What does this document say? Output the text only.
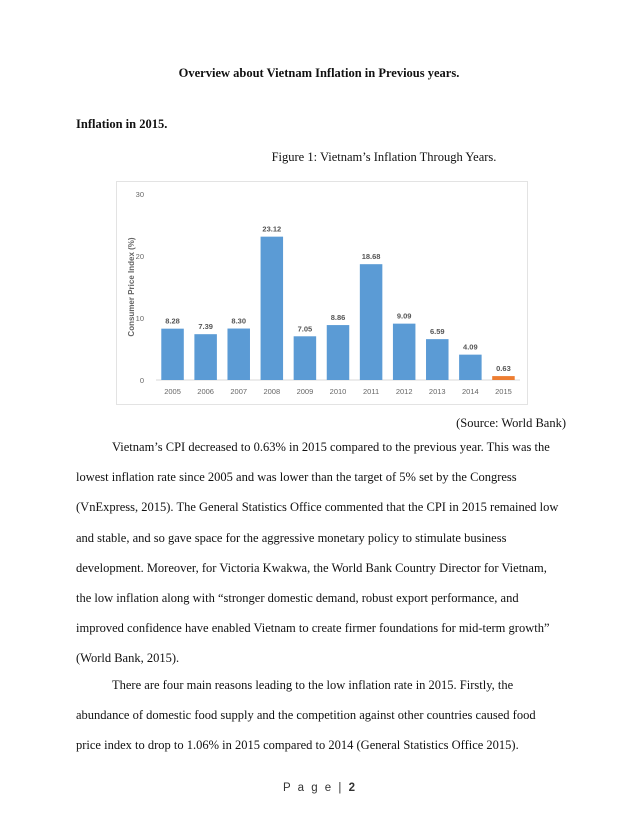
Overview about Vietnam Inflation in Previous years.
Inflation in 2015.
Figure 1: Vietnam’s Inflation Through Years.
0
10
20
30
Consumer Price Index (%)	8.28
2005
7.39
2006
8.30
2007
23.12
2008
7.05
2009
8.86
2010
18.68
2011
9.09
2012
6.59
2013
4.09
2014
0.63
2015
(Source: World Bank)
Vietnam’s CPI decreased to 0.63% in 2015 compared to the previous year. This was the
lowest inflation rate since 2005 and was lower than the target of 5% set by the Congress
(VnExpress, 2015). The General Statistics Office commented that the CPI in 2015 remained low
and stable, and so gave space for the aggressive monetary policy to stimulate business
development. Moreover, for Victoria Kwakwa, the World Bank Country Director for Vietnam,
the low inflation along with “stronger domestic demand, robust export performance, and
improved confidence have enabled Vietnam to create firmer foundations for mid-term growth”
(World Bank, 2015).
There are four main reasons leading to the low inflation rate in 2015. Firstly, the
abundance of domestic food supply and the competition against other countries caused food
price index to drop to 1.06% in 2015 compared to 2014 (General Statistics Office 2015).
P a g e | 2
